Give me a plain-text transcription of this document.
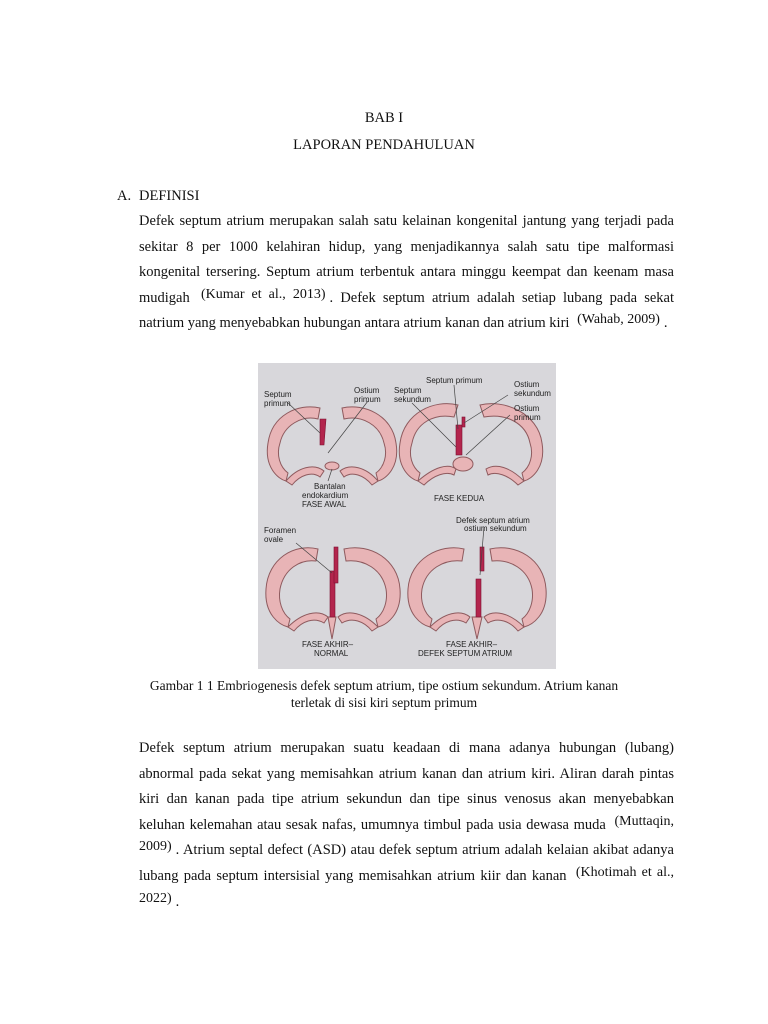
BAB I
LAPORAN PENDAHULUAN
A. DEFINISI
Defek septum atrium merupakan salah satu kelainan kongenital jantung yang terjadi pada sekitar 8 per 1000 kelahiran hidup, yang menjadikannya salah satu tipe malformasi kongenital tersering. Septum atrium terbentuk antara minggu keempat dan keenam masa mudigah (Kumar et al., 2013) . Defek septum atrium adalah setiap lubang pada sekat natrium yang menyebabkan hubungan antara atrium kanan dan atrium kiri (Wahab, 2009) .
Septum primum
Ostium primum
Bantalan endokardium
FASE AWAL
Septum primum
Septum sekundum
Ostium sekundum
Ostium primum
FASE KEDUA
Foramen ovale
FASE AKHIR– NORMAL
Defek septum atrium ostium sekundum
FASE AKHIR– DEFEK SEPTUM ATRIUM
Gambar 1 1 Embriogenesis defek septum atrium, tipe ostium sekundum. Atrium kanan
terletak di sisi kiri septum primum
Defek septum atrium merupakan suatu keadaan di mana adanya hubungan (lubang) abnormal pada sekat yang memisahkan atrium kanan dan atrium kiri. Aliran darah pintas kiri dan kanan pada tipe atrium sekundun dan tipe sinus venosus akan menyebabkan keluhan kelemahan atau sesak nafas, umumnya timbul pada usia dewasa muda (Muttaqin, 2009) . Atrium septal defect (ASD) atau defek septum atrium adalah kelaian akibat adanya lubang pada septum intersisial yang memisahkan atrium kiir dan kanan (Khotimah et al., 2022) .
